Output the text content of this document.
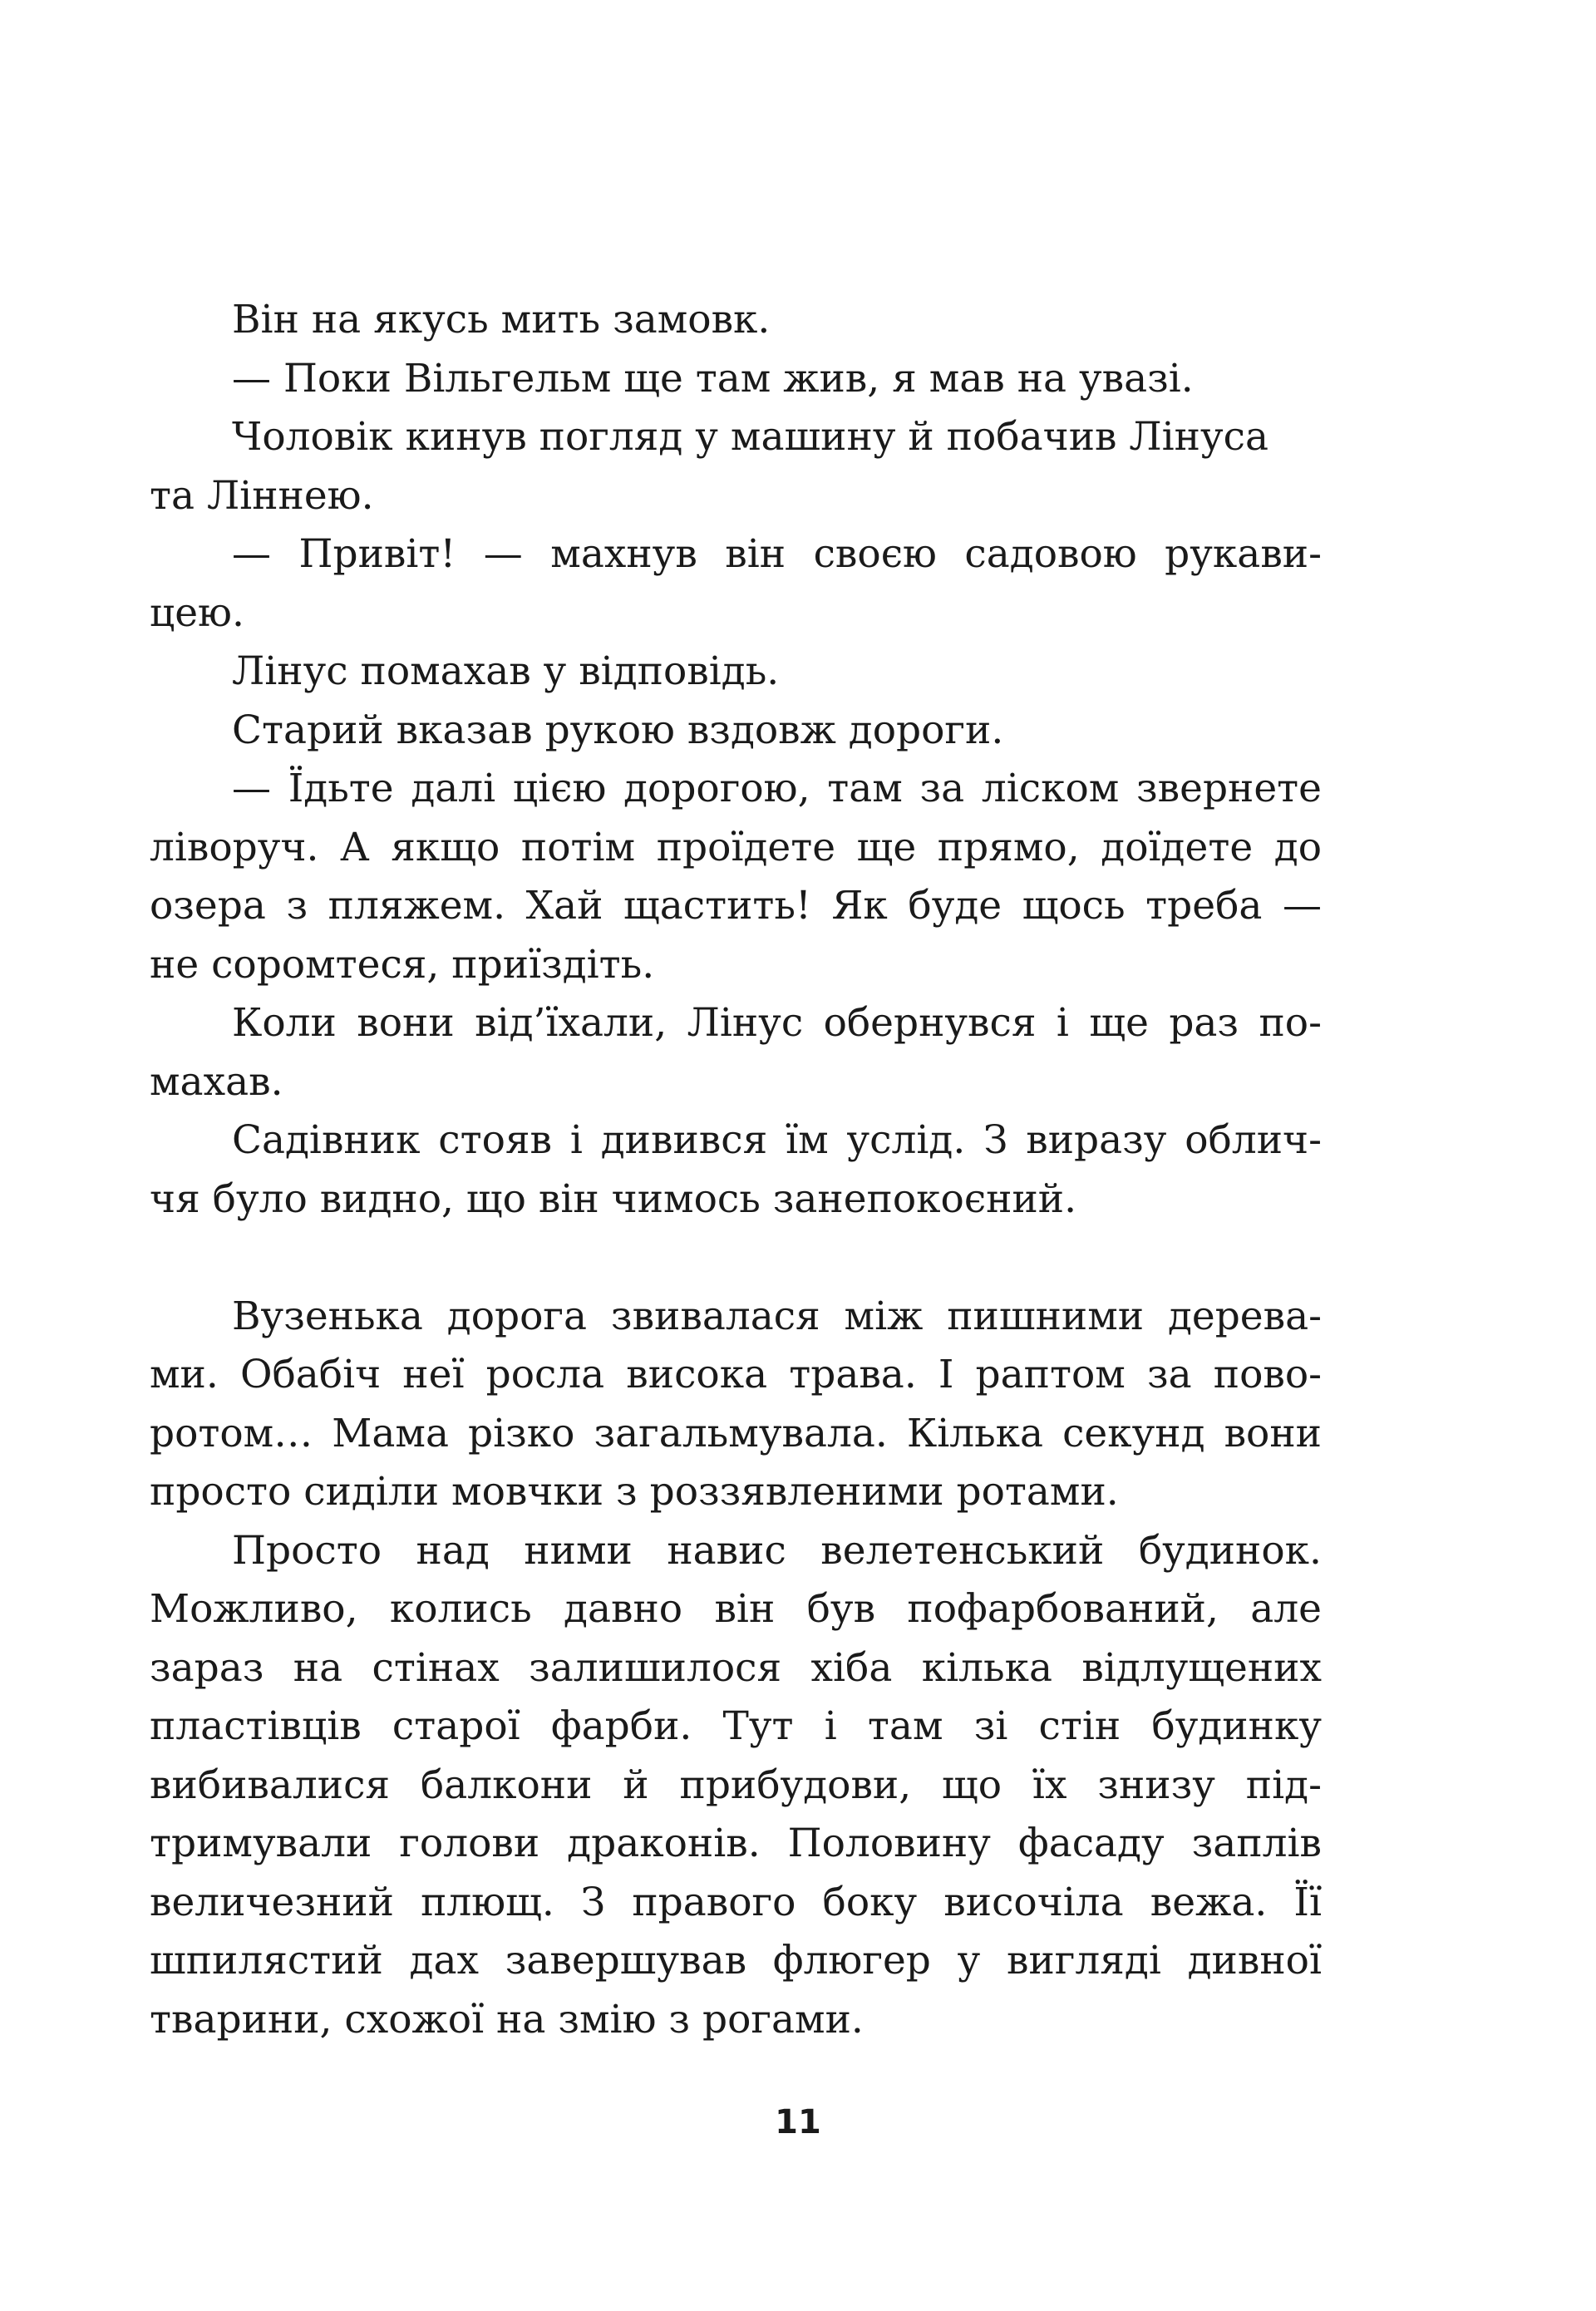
Він на якусь мить замовк.
— Поки Вільгельм ще там жив, я мав на увазі.
Чоловік кинув погляд у машину й побачив Лінуса
та Ліннею.
— Привіт! — махнув він своєю садовою рукави-
цею.
Лінус помахав у відповідь.
Старий вказав рукою вздовж дороги.
— Їдьте далі цією дорогою, там за ліском звернете
ліворуч. А якщо потім проїдете ще прямо, доїдете до
озера з пляжем. Хай щастить! Як буде щось треба —
не соромтеся, приїздіть.
Коли вони від’їхали, Лінус обернувся і ще раз по-
махав.
Садівник стояв і дивився їм услід. З виразу облич-
чя було видно, що він чимось занепокоєний.
Вузенька дорога звивалася між пишними дерева-
ми. Обабіч неї росла висока трава. І раптом за пово-
ротом… Мама різко загальмувала. Кілька секунд вони
просто сиділи мовчки з роззявленими ротами.
Просто над ними навис велетенський будинок.
Можливо, колись давно він був пофарбований, але
зараз на стінах залишилося хіба кілька відлущених
пластівців старої фарби. Тут і там зі стін будинку
вибивалися балкони й прибудови, що їх знизу під-
тримували голови драконів. Половину фасаду заплів
величезний плющ. З правого боку височіла вежа. Її
шпилястий дах завершував флюгер у вигляді дивної
тварини, схожої на змію з рогами.
11
